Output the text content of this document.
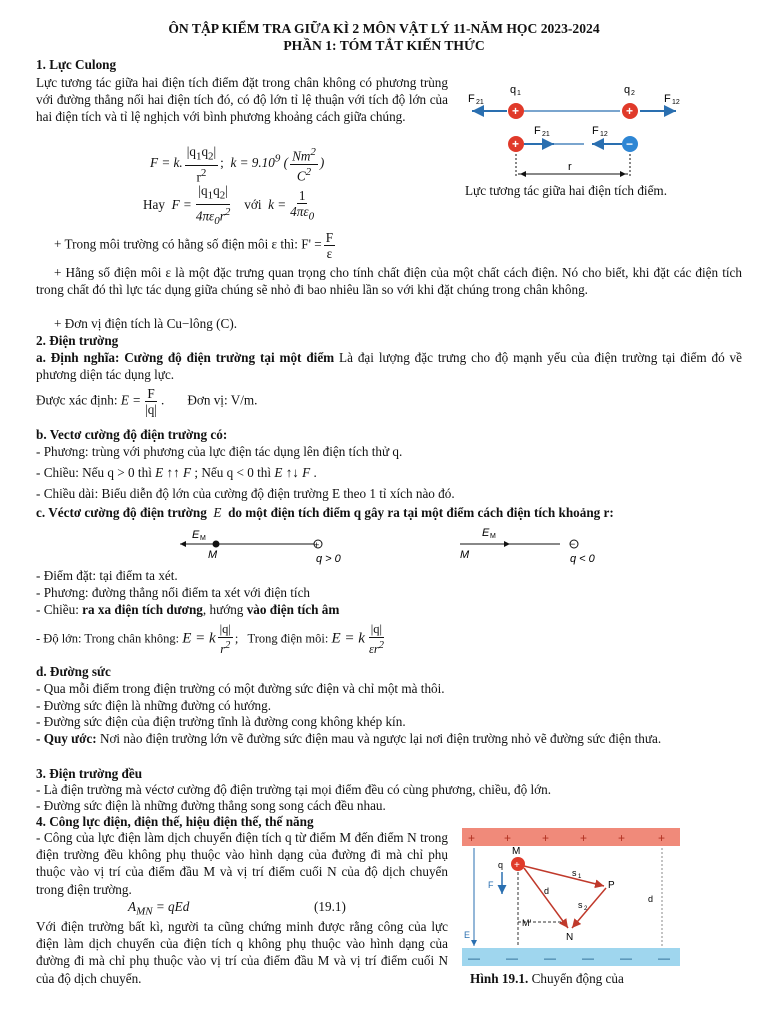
ÔN TẬP KIỂM TRA GIỮA KÌ 2 MÔN VẬT LÝ 11-NĂM HỌC 2023-2024
PHẦN 1: TÓM TẮT KIẾN THỨC
1. Lực Culong
Lực tương tác giữa hai điện tích điểm đặt trong chân không có phương trùng với đường thẳng nối hai điện tích đó, có độ lớn tỉ lệ thuận với tích độ lớn của hai điện tích và tỉ lệ nghịch với bình phương khoảng cách giữa chúng.
F = k. $\frac{|q_1q_2|}{r^2}$ ;  $k = 9.10^9$ ( $\frac{Nm^2}{C^2}$ )
Hay $F = \frac{|q_1q_2|}{4\pi\varepsilon_0r^2}$ với $k = \frac{1}{4\pi\varepsilon_0}$
+ Trong môi trường có hằng số điện môi ε thì: $F' = \frac{F}{\varepsilon}$
+	+
q 1	q 2
F 21	F 12
+	−
F 21	F 12
r
Lực tương tác giữa hai điện tích điểm.
+ Hằng số điện môi ε là một đặc trưng quan trọng cho tính chất điện của một chất cách điện. Nó cho biết, khi đặt các điện tích trong chất đó thì lực tác dụng giữa chúng sẽ nhỏ đi bao nhiêu lần so với khi đặt chúng trong chân không.
+ Đơn vị điện tích là Cu−lông (C).
2. Điện trường
a. Định nghĩa: Cường độ điện trường tại một điểm Là đại lượng đặc trưng cho độ mạnh yếu của điện trường tại điểm đó về phương diện tác dụng lực.
Được xác định: $E = \frac{F}{|q|}$ .       Đơn vị: V/m.
b. Vectơ cường độ điện trường có:
- Phương: trùng với phương của lực điện tác dụng lên điện tích thử q.
- Chiều: Nếu q > 0 thì E ↑↑ F ; Nếu q < 0 thì E ↑↓ F .
- Chiều dài: Biểu diễn độ lớn của cường độ điện trường E theo 1 tỉ xích nào đó.
c. Véctơ cường độ điện trường E do một điện tích điểm q gây ra tại một điểm cách điện tích khoảng r:
+
E M
M	q > 0
−
E M
M	q < 0
- Điểm đặt: tại điểm ta xét.
- Phương: đường thẳng nối điểm ta xét với điện tích
- Chiều: ra xa điện tích dương, hướng vào điện tích âm
- Độ lớn: Trong chân không: E = k $\frac{|q|}{r^2}$ ;   Trong điện môi: E = k $\frac{|q|}{\varepsilon r^2}$
d. Đường sức
- Qua mỗi điểm trong điện trường có một đường sức điện và chỉ một mà thôi.
- Đường sức điện là những đường có hướng.
- Đường sức điện của điện trường tĩnh là đường cong không khép kín.
- Quy ước: Nơi nào điện trường lớn vẽ đường sức điện mau và ngược lại nơi điện trường nhỏ vẽ đường sức điện thưa.
3. Điện trường đều
- Là điện trường mà véctơ cường độ điện trường tại mọi điểm đều có cùng phương, chiều, độ lớn.
- Đường sức điện là những đường thẳng song song cách đều nhau.
4. Công lực điện, điện thế, hiệu điện thế, thế năng
- Công của lực điện làm dịch chuyển điện tích q từ điểm M đến điểm N trong điện trường đều không phụ thuộc vào hình dạng của đường đi mà chỉ phụ thuộc vào vị trí của điểm đầu M và vị trí điểm cuối N của độ dịch chuyển trong điện trường.
$A_{MN}$ = qEd	(19.1)
Với điện trường bất kì, người ta cũng chứng minh được rằng công của lực điện làm dịch chuyển của điện tích q không phụ thuộc vào hình dạng của đường đi mà chỉ phụ thuộc vào vị trí của điểm đầu M và vị trí điểm cuối N của độ dịch chuyển.
+ +	+	+	+	+
— — — — — —
+
M
q
P
N
M'
d
s 1
s 2
d
F
E
Hình 19.1. Chuyển động của
